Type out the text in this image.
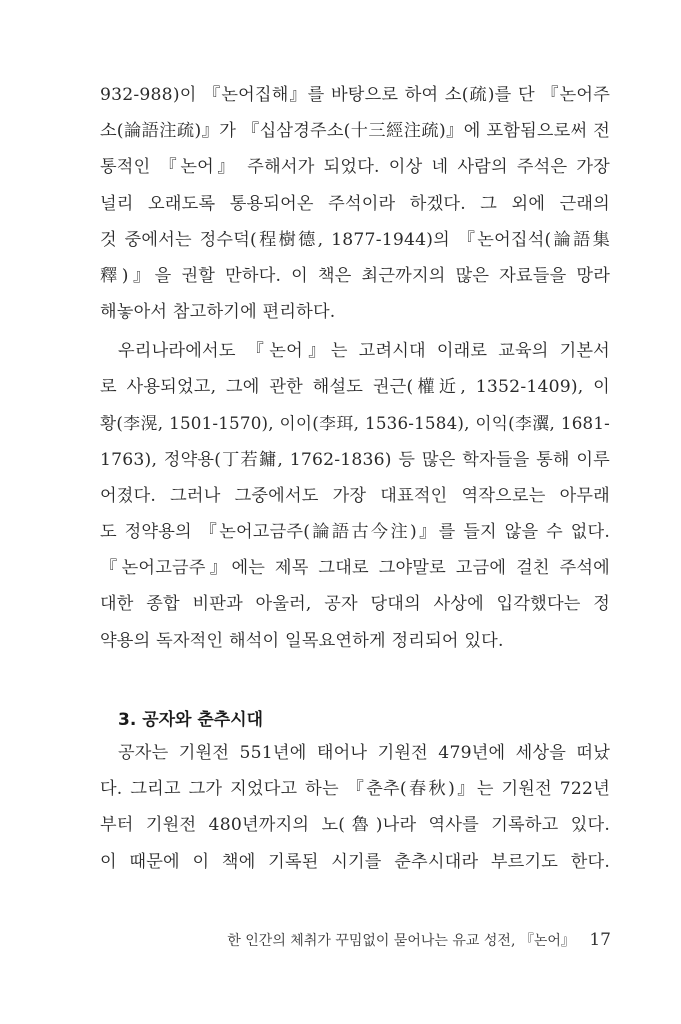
932-988)이 『논어집해』를 바탕으로 하여 소(疏)를 단 『논어주
소(論語注疏)』가 『십삼경주소(十三經注疏)』에 포함됨으로써 전
통적인 『논어』 주해서가 되었다. 이상 네 사람의 주석은 가장
널리 오래도록 통용되어온 주석이라 하겠다. 그 외에 근래의
것 중에서는 정수덕(程樹德, 1877-1944)의 『논어집석(論語集
釋)』을 권할 만하다. 이 책은 최근까지의 많은 자료들을 망라
해놓아서 참고하기에 편리하다.
우리나라에서도 『논어』는 고려시대 이래로 교육의 기본서
로 사용되었고, 그에 관한 해설도 권근(權近, 1352-1409), 이
황(李滉, 1501-1570), 이이(李珥, 1536-1584), 이익(李瀷, 1681-
1763), 정약용(丁若鏞, 1762-1836) 등 많은 학자들을 통해 이루
어졌다. 그러나 그중에서도 가장 대표적인 역작으로는 아무래
도 정약용의 『논어고금주(論語古今注)』를 들지 않을 수 없다.
『논어고금주』에는 제목 그대로 그야말로 고금에 걸친 주석에
대한 종합 비판과 아울러, 공자 당대의 사상에 입각했다는 정
약용의 독자적인 해석이 일목요연하게 정리되어 있다.
3. 공자와 춘추시대
공자는 기원전 551년에 태어나 기원전 479년에 세상을 떠났
다. 그리고 그가 지었다고 하는 『춘추(春秋)』는 기원전 722년
부터 기원전 480년까지의 노(魯)나라 역사를 기록하고 있다.
이 때문에 이 책에 기록된 시기를 춘추시대라 부르기도 한다.
한 인간의 체취가 꾸밈없이 묻어나는 유교 성전, 『논어』 17
